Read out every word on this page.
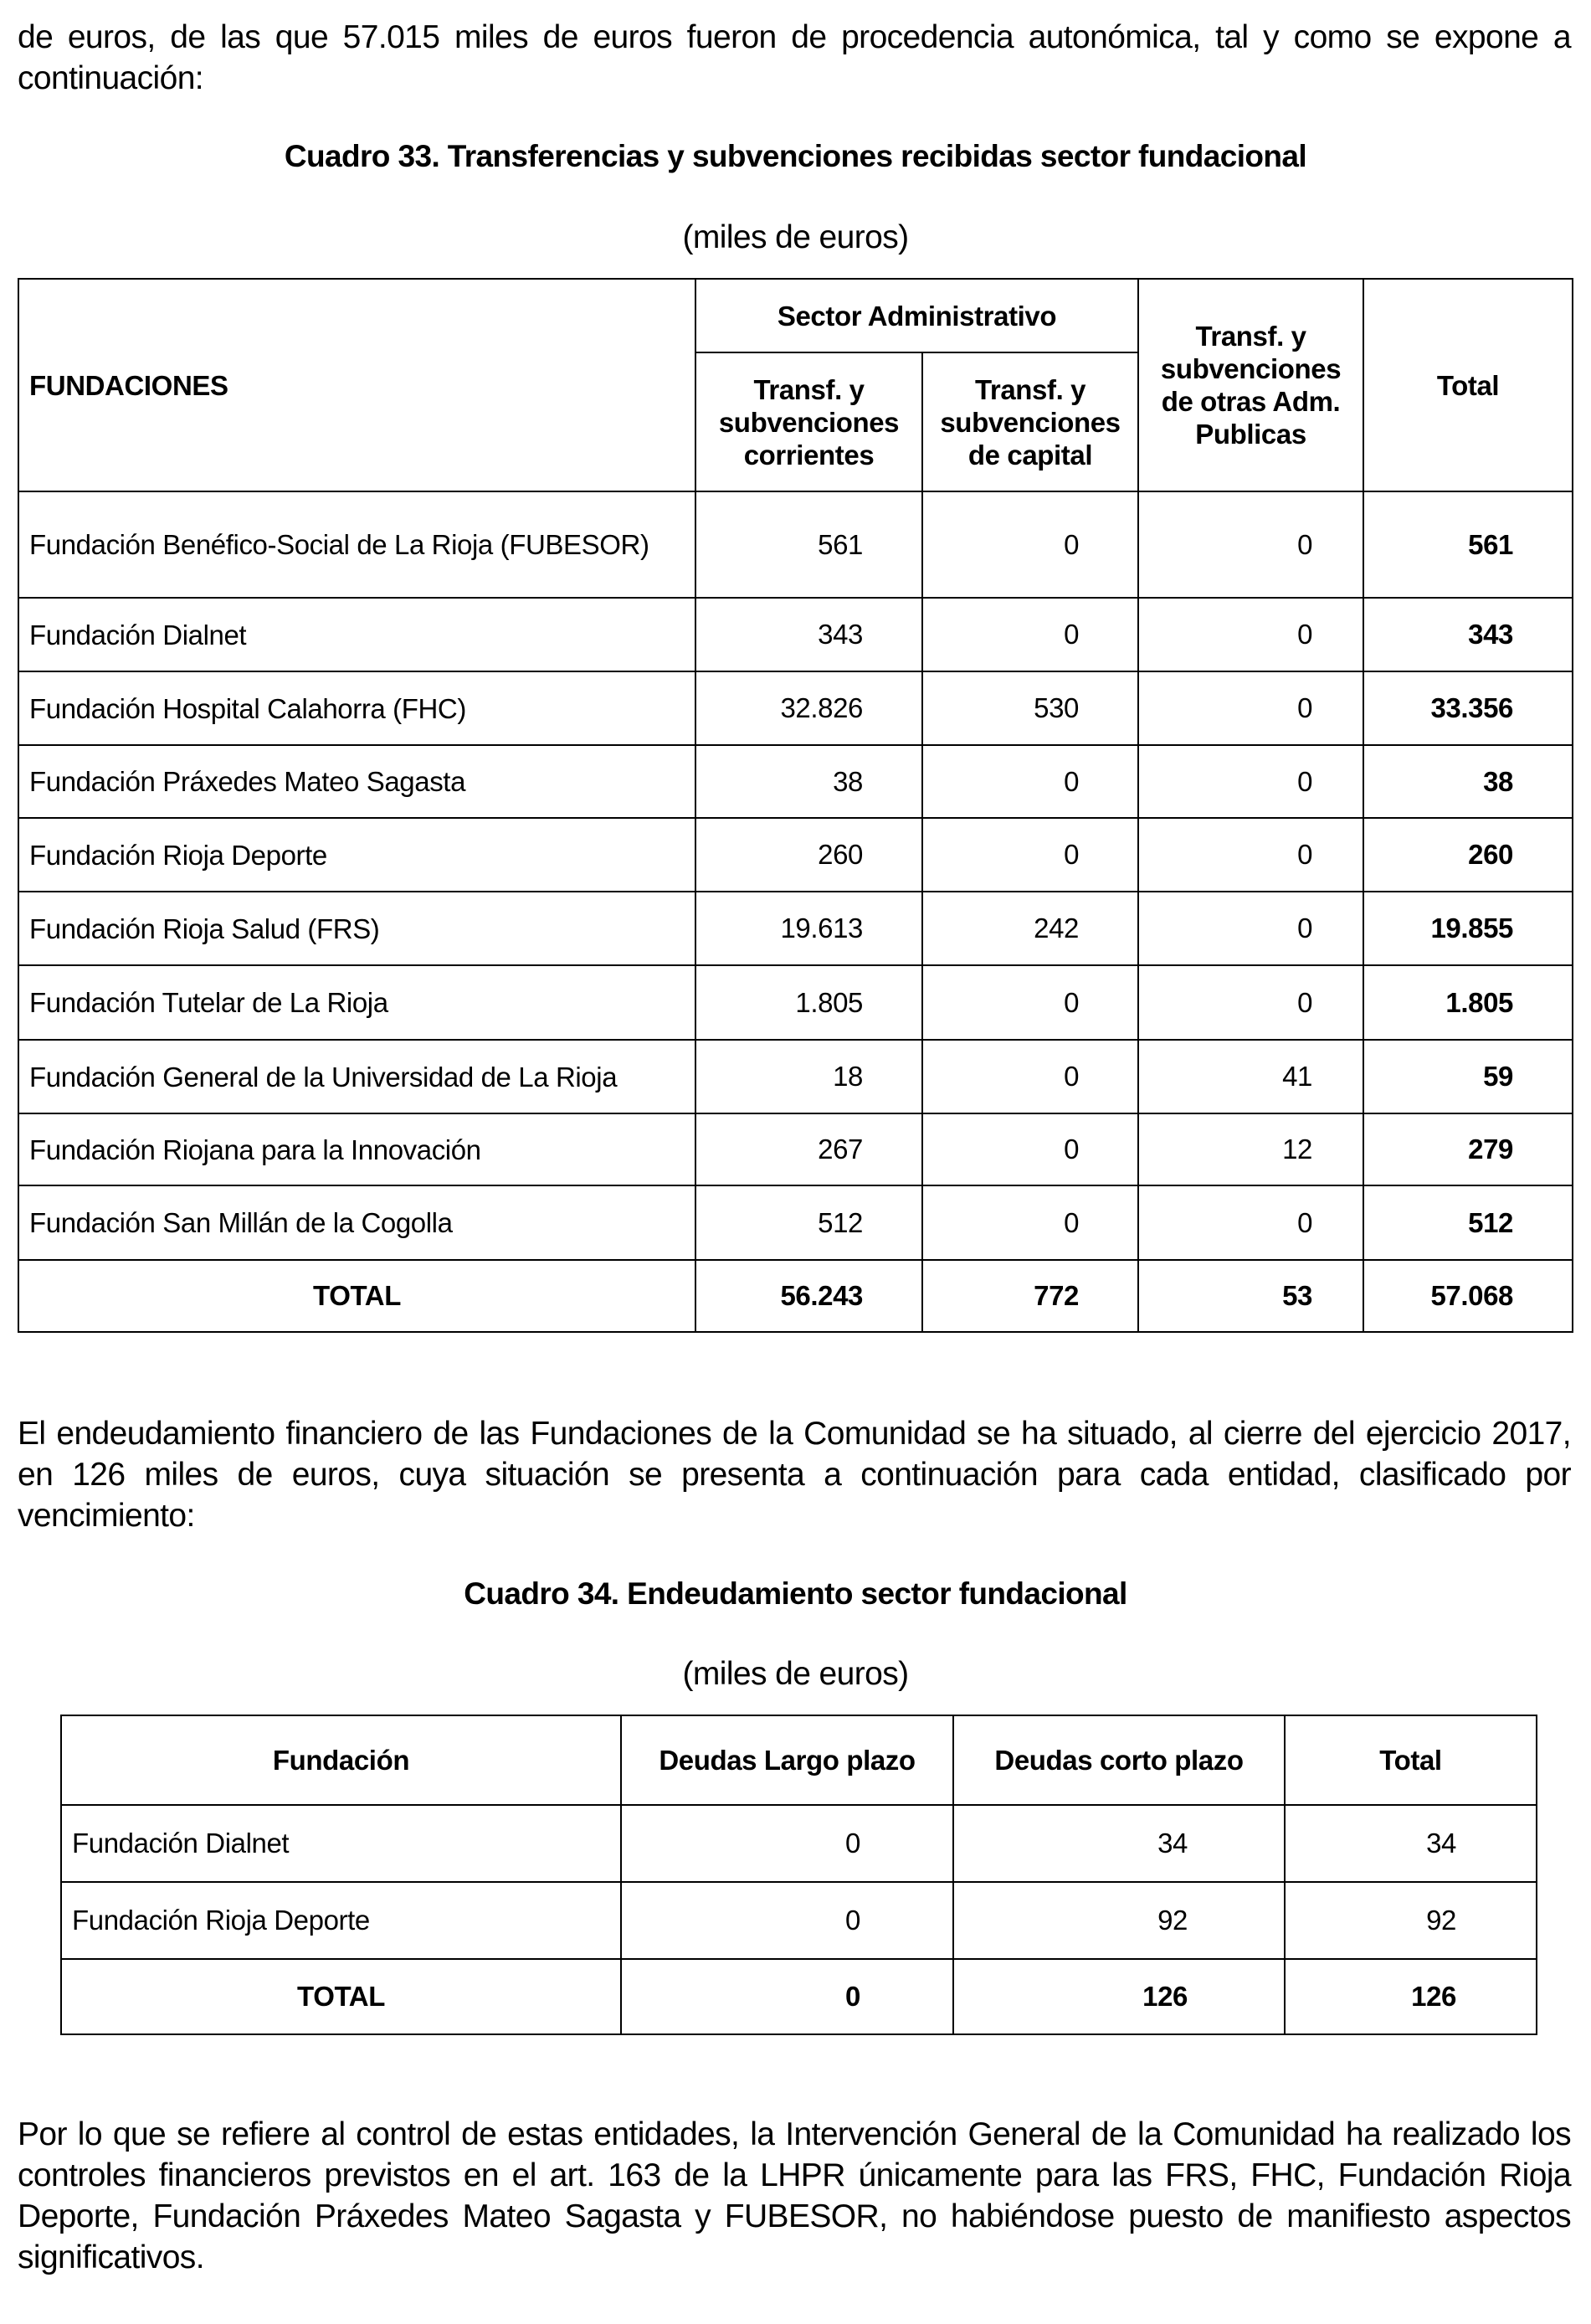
de euros, de las que 57.015 miles de euros fueron de procedencia autonómica, tal y como se expone a continuación:

Cuadro 33. Transferencias y subvenciones recibidas sector fundacional
(miles de euros)
FUNDACIONES	Sector Administrativo		Transf. y subvenciones de otras Adm. Publicas	Total
	Transf. y subvenciones corrientes	Transf. y subvenciones de capital		
Fundación Benéfico-Social de La Rioja (FUBESOR)	561	0	0	561
Fundación Dialnet	343	0	0	343
Fundación Hospital Calahorra (FHC)	32.826	530	0	33.356
Fundación Práxedes Mateo Sagasta	38	0	0	38
Fundación Rioja Deporte	260	0	0	260
Fundación Rioja Salud (FRS)	19.613	242	0	19.855
Fundación Tutelar de La Rioja	1.805	0	0	1.805
Fundación General de la Universidad de La Rioja	18	0	41	59
Fundación Riojana para la Innovación	267	0	12	279
Fundación San Millán de la Cogolla	512	0	0	512
TOTAL	56.243	772	53	57.068

El endeudamiento financiero de las Fundaciones de la Comunidad se ha situado, al cierre del ejercicio 2017, en 126 miles de euros, cuya situación se presenta a continuación para cada entidad, clasificado por vencimiento:

Cuadro 34. Endeudamiento sector fundacional
(miles de euros)
Fundación	Deudas Largo plazo	Deudas corto plazo	Total
Fundación Dialnet	0	34	34
Fundación Rioja Deporte	0	92	92
TOTAL	0	126	126

Por lo que se refiere al control de estas entidades, la Intervención General de la Comunidad ha realizado los controles financieros previstos en el art. 163 de la LHPR únicamente para las FRS, FHC, Fundación Rioja Deporte, Fundación Práxedes Mateo Sagasta y FUBESOR, no habiéndose puesto de manifiesto aspectos significativos.
